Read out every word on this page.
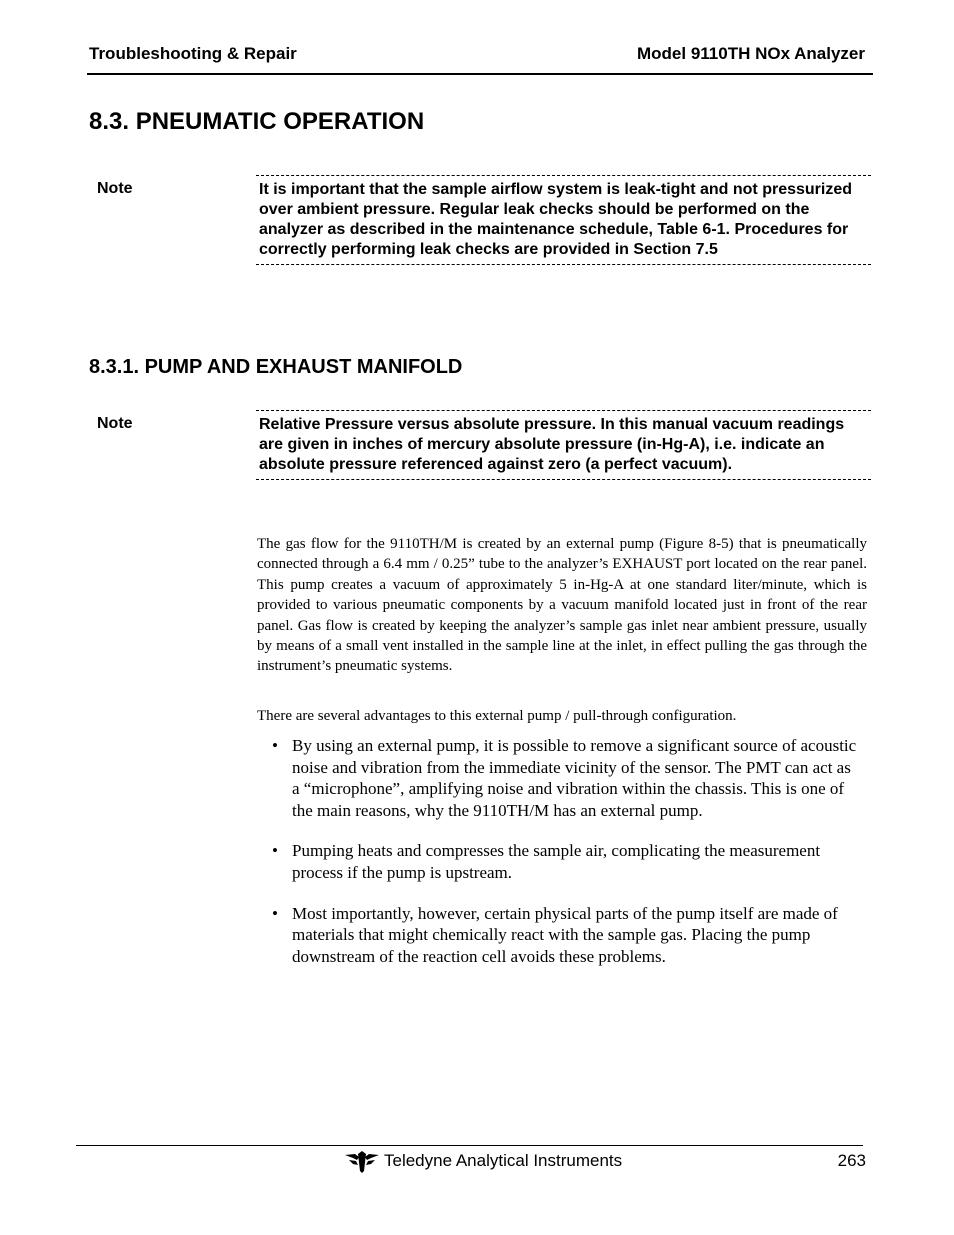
Troubleshooting & Repair	Model 9110TH NOx Analyzer
8.3. PNEUMATIC OPERATION
Note	It is important that the sample airflow system is leak-tight and not pressurized over ambient pressure. Regular leak checks should be performed on the analyzer as described in the maintenance schedule, Table 6-1. Procedures for correctly performing leak checks are provided in Section 7.5
8.3.1. PUMP AND EXHAUST MANIFOLD
Note	Relative Pressure versus absolute pressure. In this manual vacuum readings are given in inches of mercury absolute pressure (in-Hg-A), i.e. indicate an absolute pressure referenced against zero (a perfect vacuum).

The gas flow for the 9110TH/M is created by an external pump (Figure 8-5) that is pneumatically connected through a 6.4 mm / 0.25” tube to the analyzer’s EXHAUST port located on the rear panel. This pump creates a vacuum of approximately 5 in-Hg-A at one standard liter/minute, which is provided to various pneumatic components by a vacuum manifold located just in front of the rear panel. Gas flow is created by keeping the analyzer’s sample gas inlet near ambient pressure, usually by means of a small vent installed in the sample line at the inlet, in effect pulling the gas through the instrument’s pneumatic systems.

There are several advantages to this external pump / pull-through configuration.

• By using an external pump, it is possible to remove a significant source of acoustic noise and vibration from the immediate vicinity of the sensor. The PMT can act as a “microphone”, amplifying noise and vibration within the chassis. This is one of the main reasons, why the 9110TH/M has an external pump.
• Pumping heats and compresses the sample air, complicating the measurement process if the pump is upstream.
• Most importantly, however, certain physical parts of the pump itself are made of materials that might chemically react with the sample gas. Placing the pump downstream of the reaction cell avoids these problems.
Teledyne Analytical Instruments	263
